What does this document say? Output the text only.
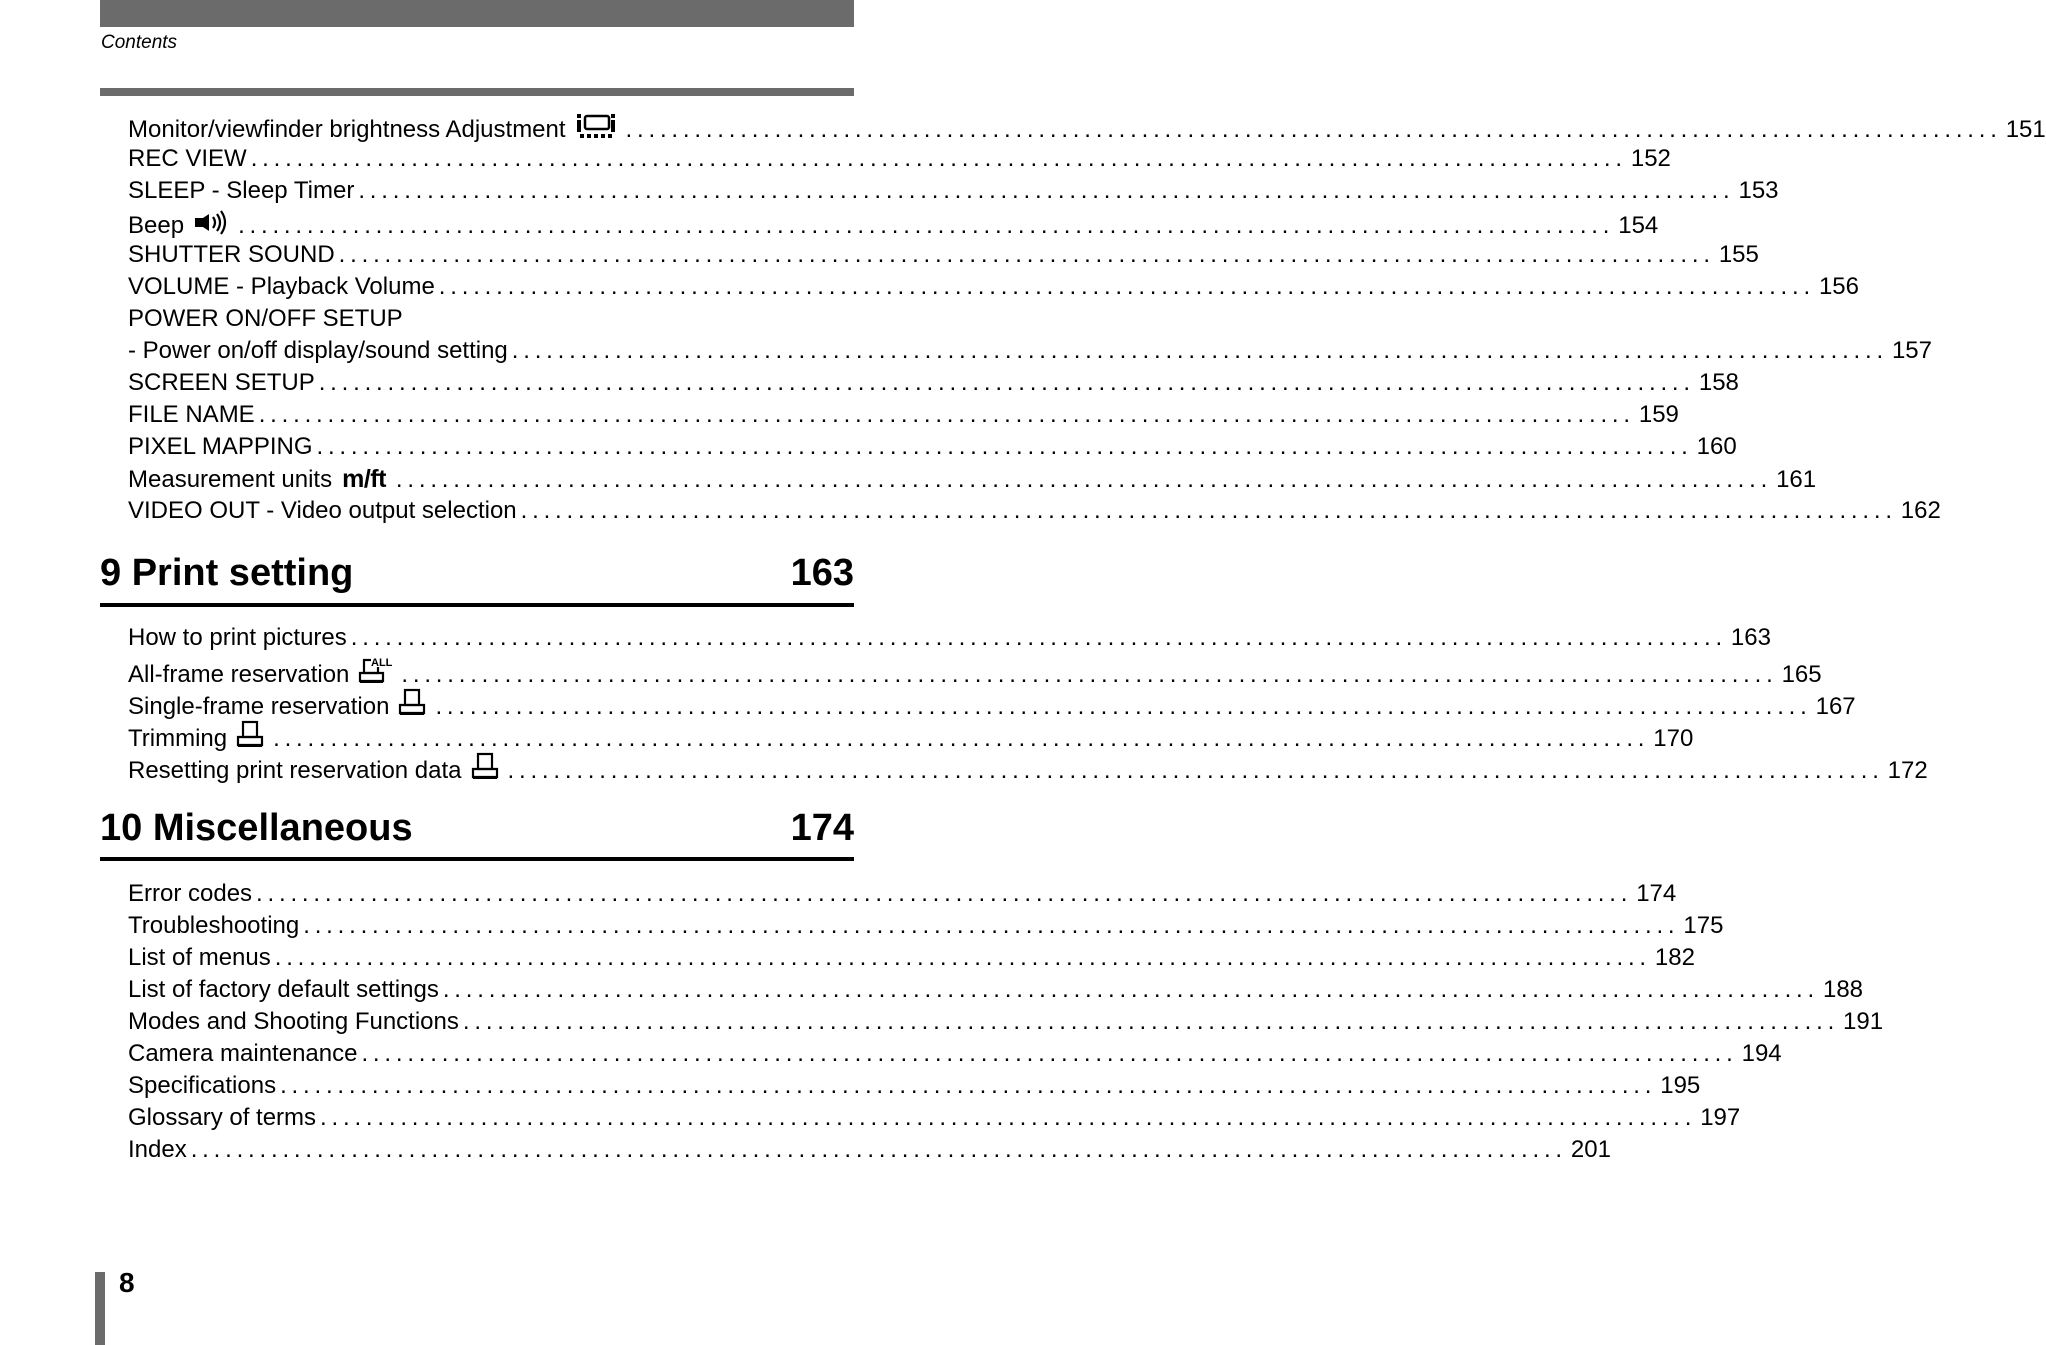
Contents
Monitor/viewfinder brightness Adjustment	........................................................................................................................ 151
REC VIEW ........................................................................................................................ 152
SLEEP - Sleep Timer ........................................................................................................................ 153
Beep ........................................................................................................................ 154
SHUTTER SOUND ........................................................................................................................ 155
VOLUME - Playback Volume ........................................................................................................................ 156
POWER ON/OFF SETUP
- Power on/off display/sound setting ........................................................................................................................ 157
SCREEN SETUP ........................................................................................................................ 158
FILE NAME ........................................................................................................................ 159
PIXEL MAPPING ........................................................................................................................ 160
Measurement units m/ft ........................................................................................................................ 161
VIDEO OUT - Video output selection ........................................................................................................................ 162
9 Print setting	163
How to print pictures ........................................................................................................................ 163
All-frame reservation ALL ........................................................................................................................ 165
Single-frame reservation ........................................................................................................................ 167
Trimming ........................................................................................................................ 170
Resetting print reservation data ........................................................................................................................ 172
10 Miscellaneous	174
Error codes ........................................................................................................................ 174
Troubleshooting ........................................................................................................................ 175
List of menus ........................................................................................................................ 182
List of factory default settings ........................................................................................................................ 188
Modes and Shooting Functions ........................................................................................................................ 191
Camera maintenance ........................................................................................................................ 194
Specifications ........................................................................................................................ 195
Glossary of terms ........................................................................................................................ 197
Index ........................................................................................................................ 201
8
